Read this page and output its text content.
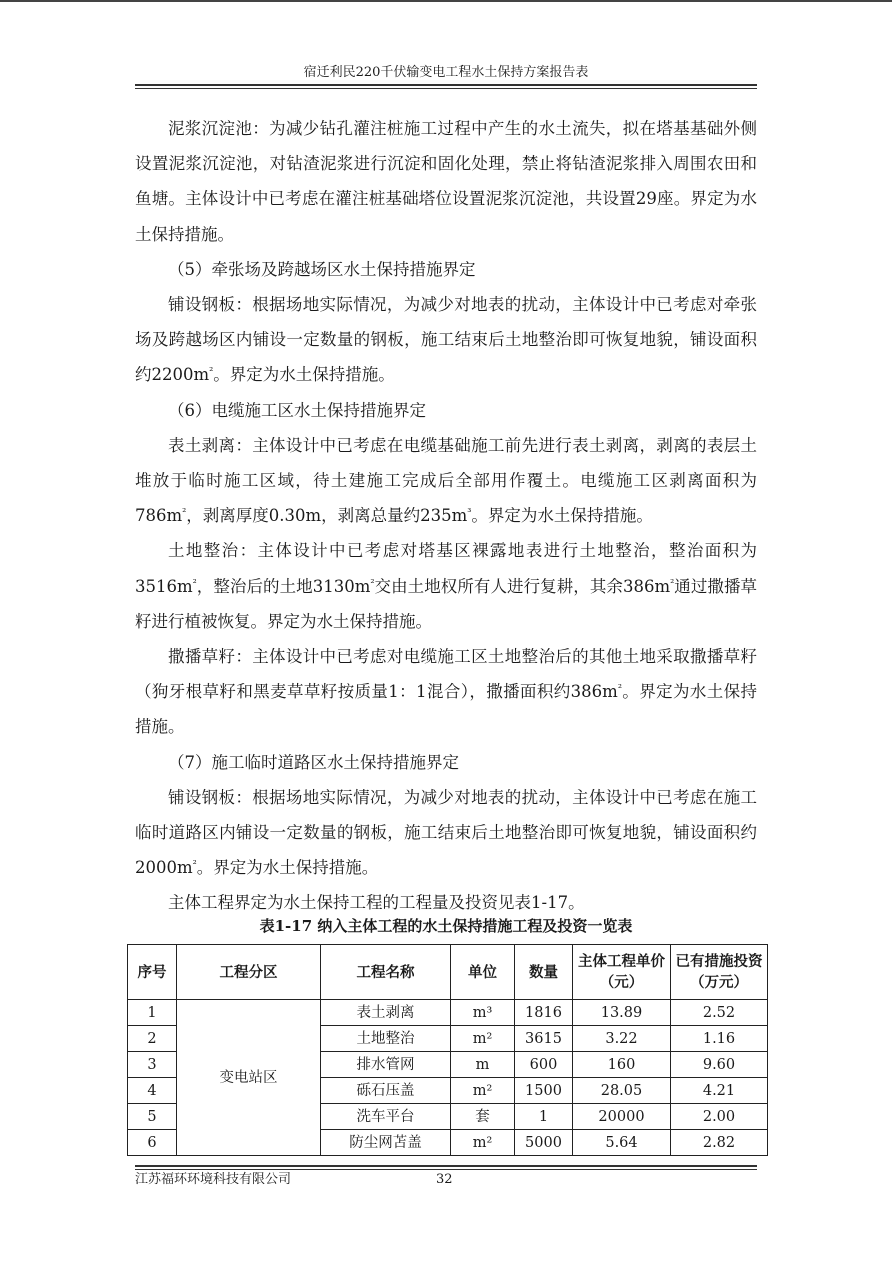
宿迁利民220千伏输变电工程水土保持方案报告表

泥浆沉淀池：为减少钻孔灌注桩施工过程中产生的水土流失，拟在塔基基础外侧设置泥浆沉淀池，对钻渣泥浆进行沉淀和固化处理，禁止将钻渣泥浆排入周围农田和鱼塘。主体设计中已考虑在灌注桩基础塔位设置泥浆沉淀池，共设置29座。界定为水土保持措施。

（5）牵张场及跨越场区水土保持措施界定

铺设钢板：根据场地实际情况，为减少对地表的扰动，主体设计中已考虑对牵张场及跨越场区内铺设一定数量的钢板，施工结束后土地整治即可恢复地貌，铺设面积约$2200m^{^2}$。界定为水土保持措施。

（6）电缆施工区水土保持措施界定

表土剥离：主体设计中已考虑在电缆基础施工前先进行表土剥离，剥离的表层土堆放于临时施工区域，待土建施工完成后全部用作覆土。电缆施工区剥离面积为$786m^{^2}$，剥离厚度0.30m，剥离总量约$235m^{^3}$。界定为水土保持措施。

土地整治：主体设计中已考虑对塔基区裸露地表进行土地整治，整治面积为$3516m^{^2}$，整治后的土地$3130m^{^2}$交由土地权所有人进行复耕，其余$386m^{^2}$通过撒播草籽进行植被恢复。界定为水土保持措施。

撒播草籽：主体设计中已考虑对电缆施工区土地整治后的其他土地采取撒播草籽（狗牙根草籽和黑麦草草籽按质量1：1混合），撒播面积约$386m^{^2}$。界定为水土保持措施。

（7）施工临时道路区水土保持措施界定

铺设钢板：根据场地实际情况，为减少对地表的扰动，主体设计中已考虑在施工临时道路区内铺设一定数量的钢板，施工结束后土地整治即可恢复地貌，铺设面积约$2000m^{^2}$。界定为水土保持措施。

主体工程界定为水土保持工程的工程量及投资见表1-17。

表1-17 纳入主体工程的水土保持措施工程及投资一览表
序号	工程分区	工程名称	单位	数量	主体工程单价（元）	已有措施投资（万元）
1	变电站区	表土剥离	m³	1816	13.89	2.52
2		土地整治	m²	3615	3.22	1.16
3		排水管网	m	600	160	9.60
4		砾石压盖	m²	1500	28.05	4.21
5		洗车平台	套	1	20000	2.00
6		防尘网苫盖	m²	5000	5.64	2.82
江苏福环环境科技有限公司	32
